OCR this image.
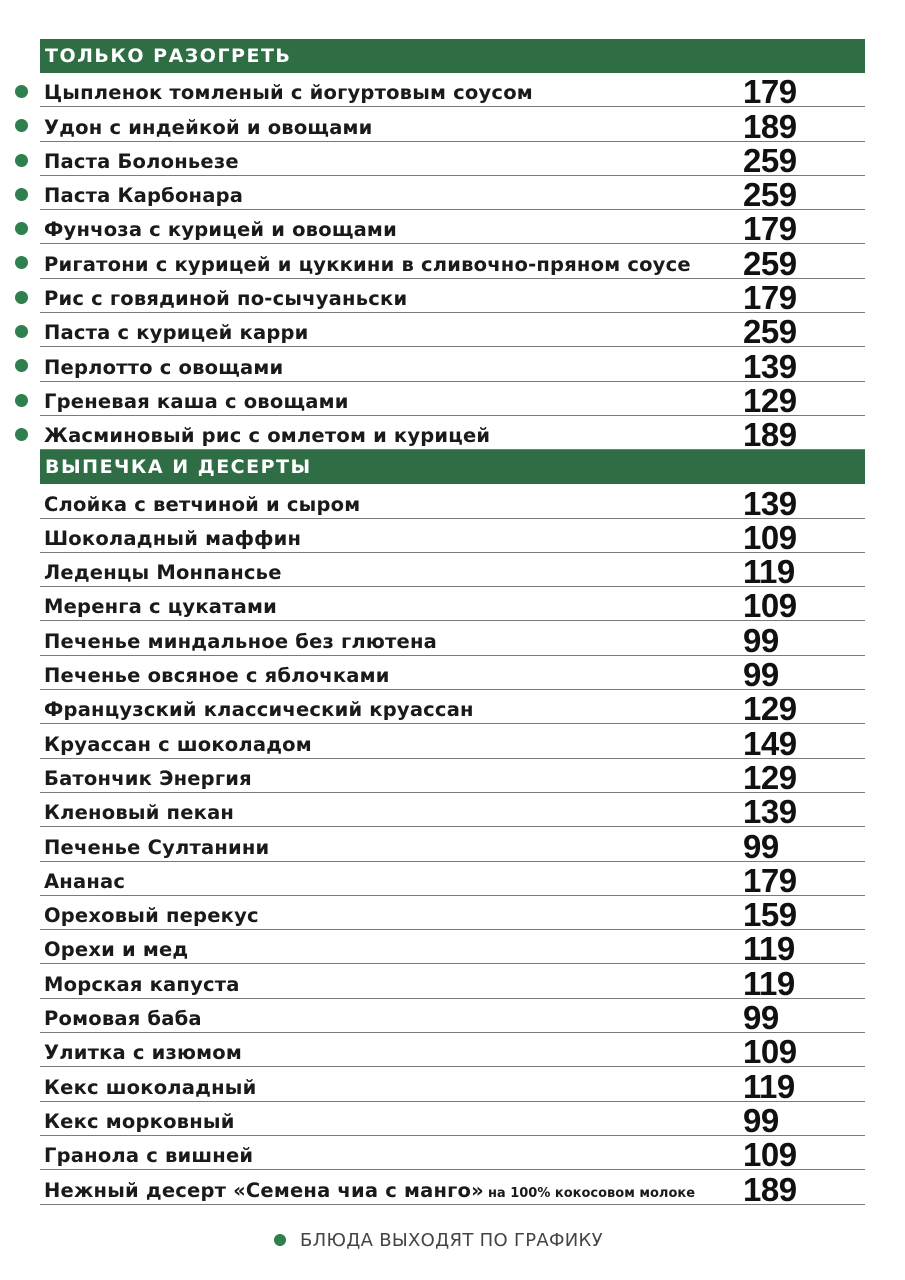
ТОЛЬКО РАЗОГРЕТЬ
Цыпленок томленый с йогуртовым соусом	179
Удон с индейкой и овощами	189
Паста Болоньезе	259
Паста Карбонара	259
Фунчоза с курицей и овощами	179
Ригатони с курицей и цуккини в сливочно-пряном соусе 259
Рис с говядиной по-сычуаньски	179
Паста с курицей карри	259
Перлотто с овощами	139
Греневая каша с овощами	129
Жасминовый рис с омлетом и курицей	189
ВЫПЕЧКА И ДЕСЕРТЫ
Слойка с ветчиной и сыром	139
Шоколадный маффин	109
Леденцы Монпансье	119
Меренга с цукатами	109
Печенье миндальное без глютена	99
Печенье овсяное с яблочками	99
Французский классический круассан	129
Круассан с шоколадом	149
Батончик Энергия	129
Кленовый пекан	139
Печенье Султанини	99
Ананас	179
Ореховый перекус	159
Орехи и мед	119
Морская капуста	119
Ромовая баба	99
Улитка с изюмом	109
Кекс шоколадный	119
Кекс морковный	99
Гранола с вишней	109
Нежный десерт «Семена чиа с манго» на 100% кокосовом молоке 189
БЛЮДА ВЫХОДЯТ ПО ГРАФИКУ
